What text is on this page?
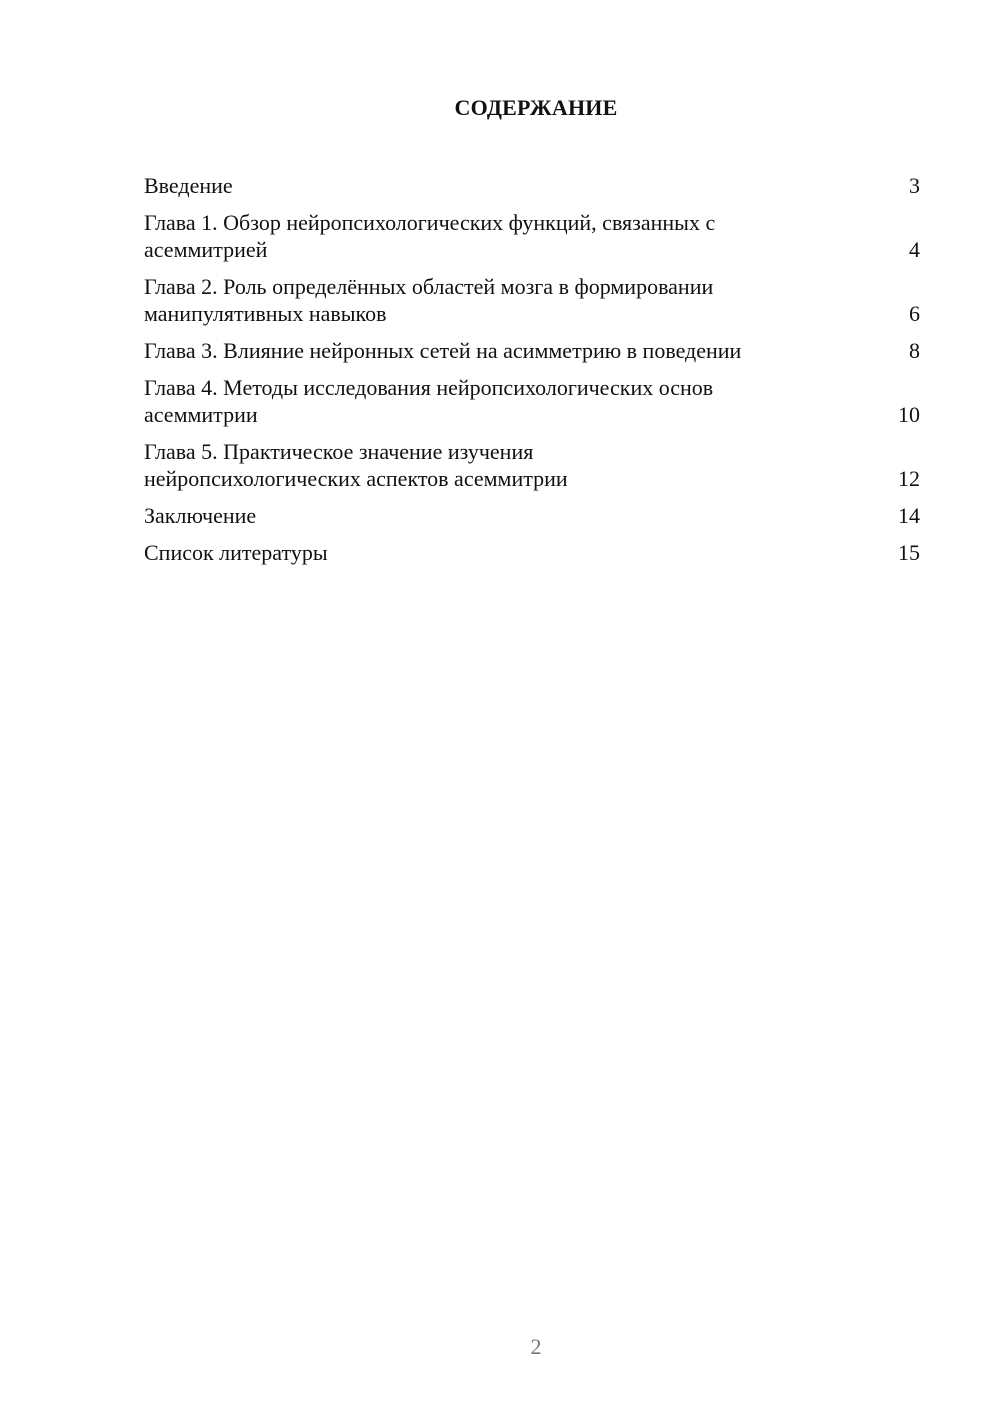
СОДЕРЖАНИЕ
Введение	3
Глава 1. Обзор нейропсихологических функций, связанных с
асеммитрией	4
Глава 2. Роль определённых областей мозга в формировании
манипулятивных навыков	6
Глава 3. Влияние нейронных сетей на асимметрию в поведении	8
Глава 4. Методы исследования нейропсихологических основ
асеммитрии	10
Глава 5. Практическое значение изучения
нейропсихологических аспектов асеммитрии	12
Заключение	14
Список литературы	15
2
